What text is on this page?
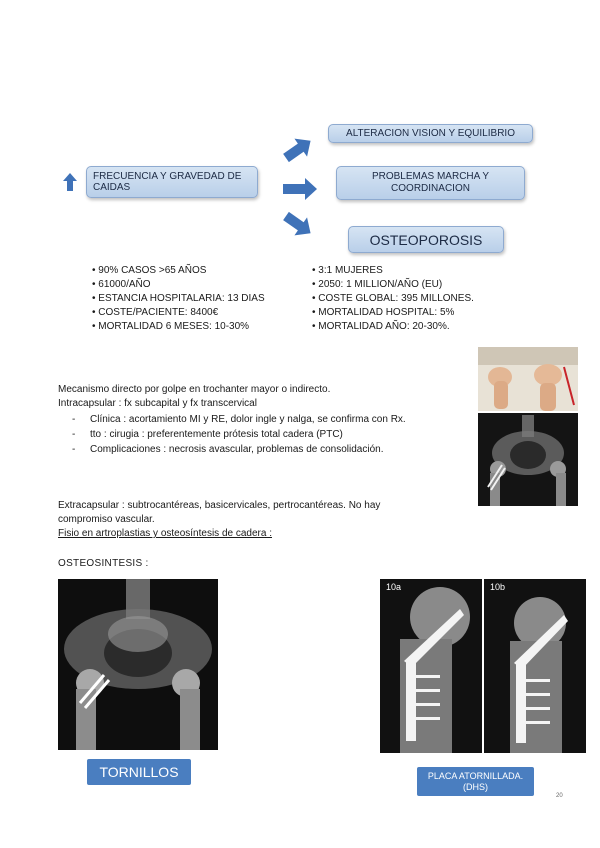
FRECUENCIA Y GRAVEDAD DE CAIDAS
ALTERACION VISION Y EQUILIBRIO
PROBLEMAS MARCHA Y COORDINACION
OSTEOPOROSIS
• 90% CASOS >65 AÑOS
• 61000/AÑO
• ESTANCIA HOSPITALARIA: 13 DIAS
• COSTE/PACIENTE: 8400€
• MORTALIDAD 6 MESES: 10-30%
• 3:1 MUJERES
• 2050: 1 MILLION/AÑO (EU)
• COSTE GLOBAL: 395 MILLONES.
• MORTALIDAD HOSPITAL: 5%
• MORTALIDAD AÑO: 20-30%.
Mecanismo directo por golpe en trochanter mayor o indirecto.
Intracapsular : fx subcapital y fx transcervical
- Clínica : acortamiento MI y RE, dolor ingle y nalga, se confirma con Rx.
- tto : cirugia : preferentemente prótesis total cadera (PTC)
- Complicaciones : necrosis avascular, problemas de consolidación.
Extracapsular : subtrocantéreas, basicervicales, pertrocantéreas. No hay compromiso vascular.
Fisio en artroplastias y osteosíntesis de cadera :
OSTEOSINTESIS :
10a	10b
TORNILLOS	PLACA ATORNILLADA. (DHS)
20
